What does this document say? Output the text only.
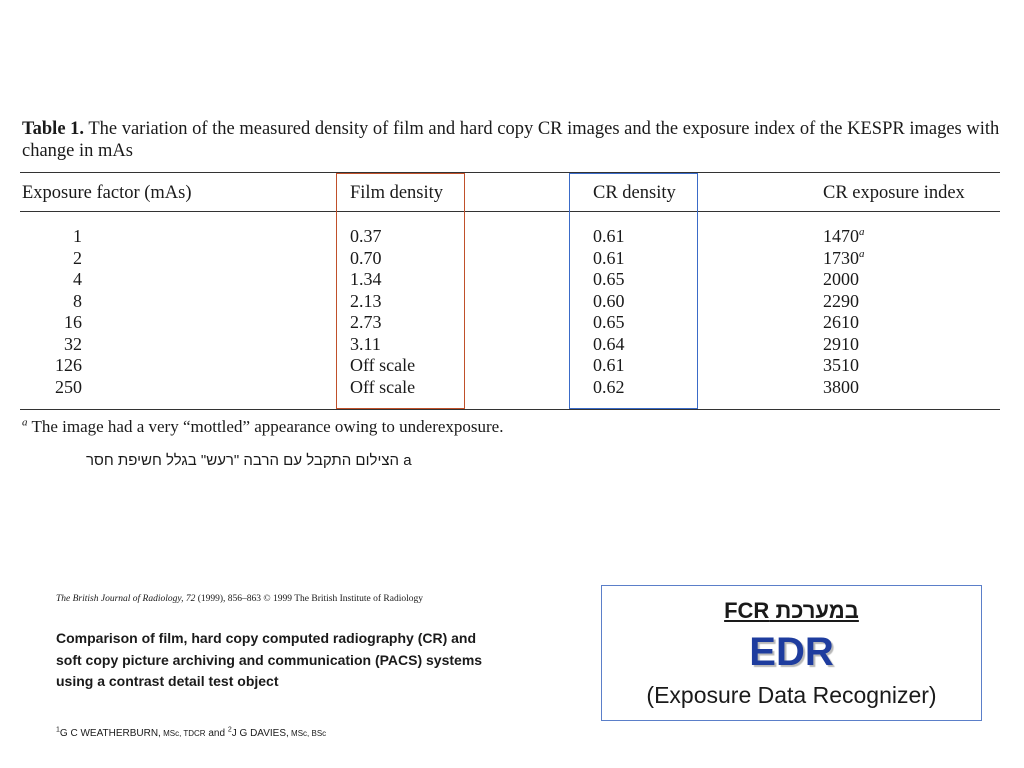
Table 1. The variation of the measured density of film and hard copy CR images and the exposure index of the KESPR images with change in mAs
Exposure factor (mAs)	Film density	CR density	CR exposure index
1	0.37	0.61	1470$^a$
2	0.70	0.61	1730$^a$
4	1.34	0.65	2000
8	2.13	0.60	2290
16	2.73	0.65	2610
32	3.11	0.64	2910
126	Off scale	0.61	3510
250	Off scale	0.62	3800
$^a$ The image had a very “mottled” appearance owing to underexposure.
a הצילום התקבל עם הרבה "רעש" בגלל חשיפת חסר
The British Journal of Radiology, 72 (1999), 856–863 © 1999 The British Institute of Radiology
Comparison of film, hard copy computed radiography (CR) and soft copy picture archiving and communication (PACS) systems using a contrast detail test object
$^1$G C WEATHERBURN, MSc, TDCR and $^2$J G DAVIES, MSc, BSc
במערכת FCR
EDR
(Exposure Data Recognizer)
